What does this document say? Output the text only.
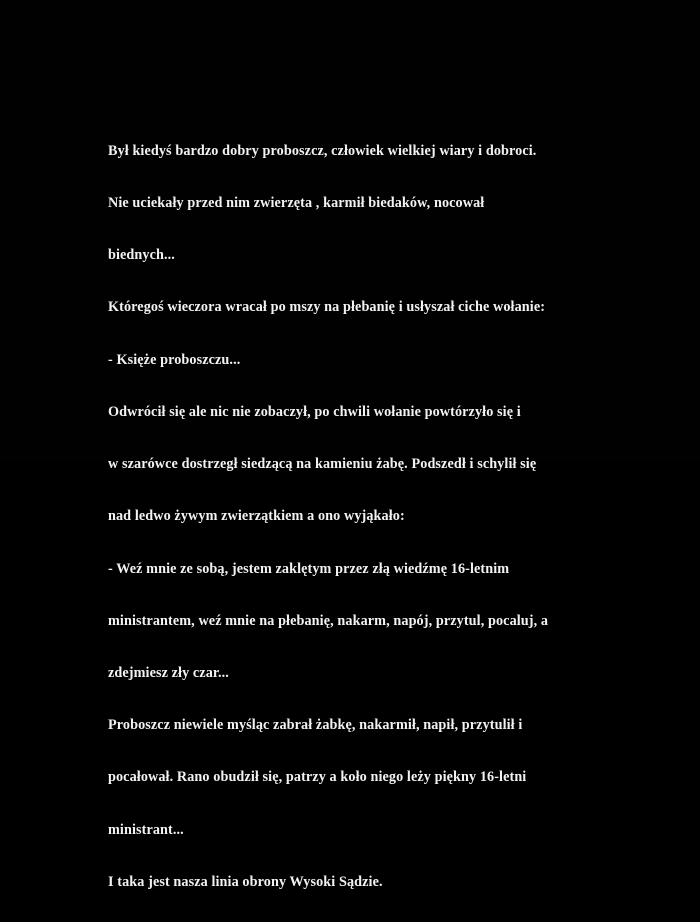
Był kiedyś bardzo dobry proboszcz, człowiek wielkiej wiary i dobroci.

Nie uciekały przed nim zwierzęta , karmił biedaków, nocował

biednych...

Któregoś wieczora wracał po mszy na płebanię i usłyszał ciche wołanie:

- Księże proboszczu...

Odwrócił się ale nic nie zobaczył, po chwili wołanie powtórzyło się i

w szarówce dostrzegł siedzącą na kamieniu żabę. Podszedł i schylił się

nad ledwo żywym zwierzątkiem a ono wyjąkało:

- Weź mnie ze sobą, jestem zaklętym przez złą wiedźmę 16-letnim

ministrantem, weź mnie na płebanię, nakarm, napój, przytul, pocaluj, a

zdejmiesz zły czar...

Proboszcz niewiele myśląc zabrał żabkę, nakarmił, napił, przytulił i

pocałował. Rano obudził się, patrzy a koło niego leży piękny 16-letni

ministrant...

I taka jest nasza linia obrony Wysoki Sądzie.
